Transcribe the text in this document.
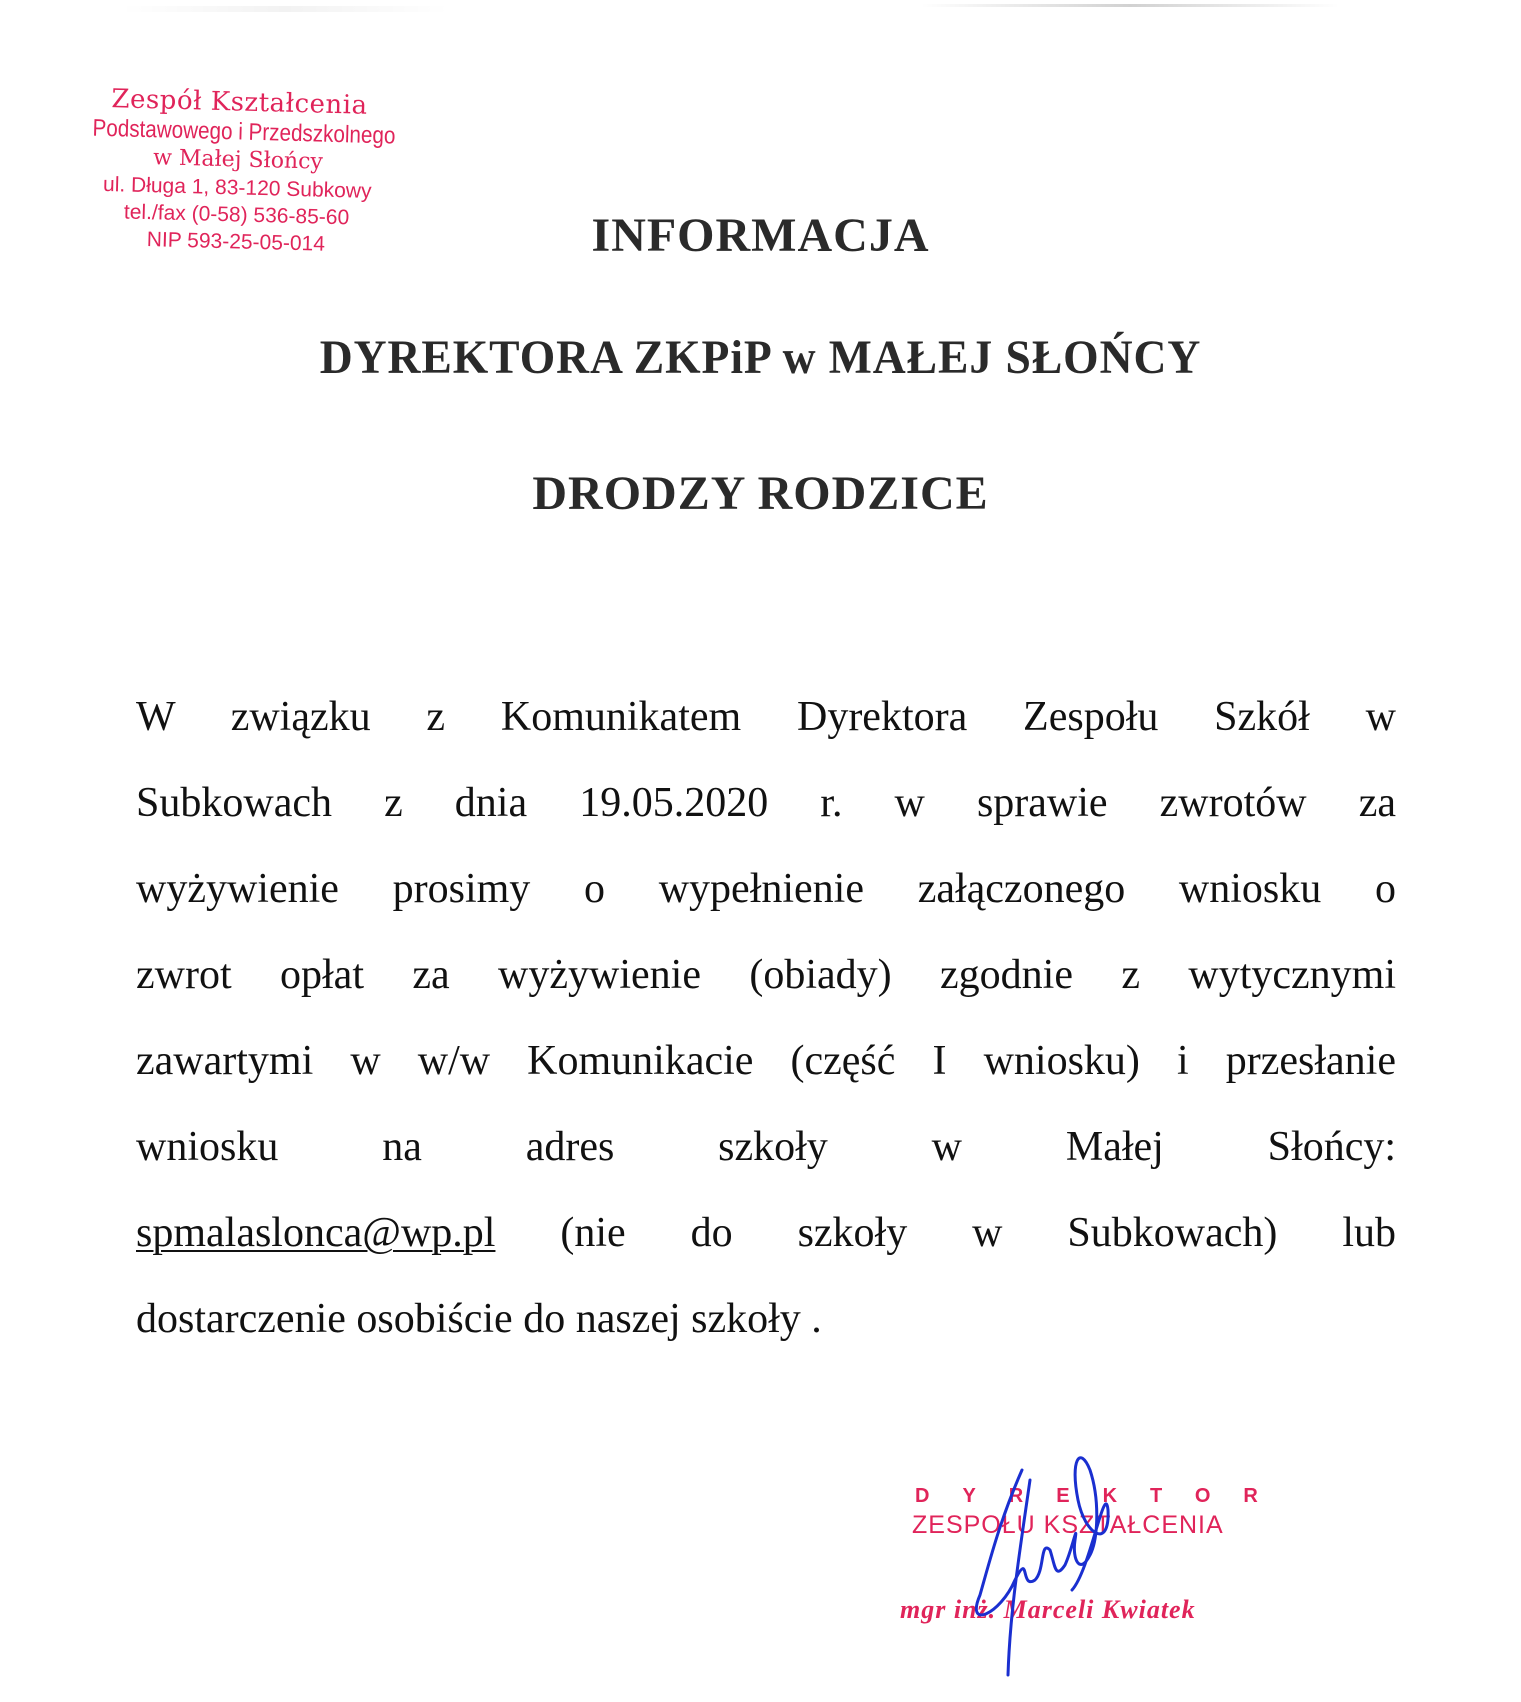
Zespół Kształcenia
Podstawowego i Przedszkolnego
w Małej Słońcy
ul. Długa 1, 83-120 Subkowy
tel./fax (0-58) 536-85-60
NIP 593-25-05-014	INFORMACJA
DYREKTORA ZKPiP w MAŁEJ SŁOŃCY
DRODZY RODZICE
W związku z Komunikatem Dyrektora Zespołu Szkół w
Subkowach z dnia 19.05.2020 r. w sprawie zwrotów za
wyżywienie prosimy o wypełnienie załączonego wniosku o
zwrot opłat za wyżywienie (obiady) zgodnie z wytycznymi
zawartymi w w/w Komunikacie (część I wniosku) i przesłanie
wniosku na adres szkoły w Małej Słońcy:
spmalaslonca@wp.pl (nie do szkoły w Subkowach) lub
dostarczenie osobiście do naszej szkoły .
DYREKTOR
ZESPOŁU KSZTAŁCENIA
mgr inż. Marceli Kwiatek
